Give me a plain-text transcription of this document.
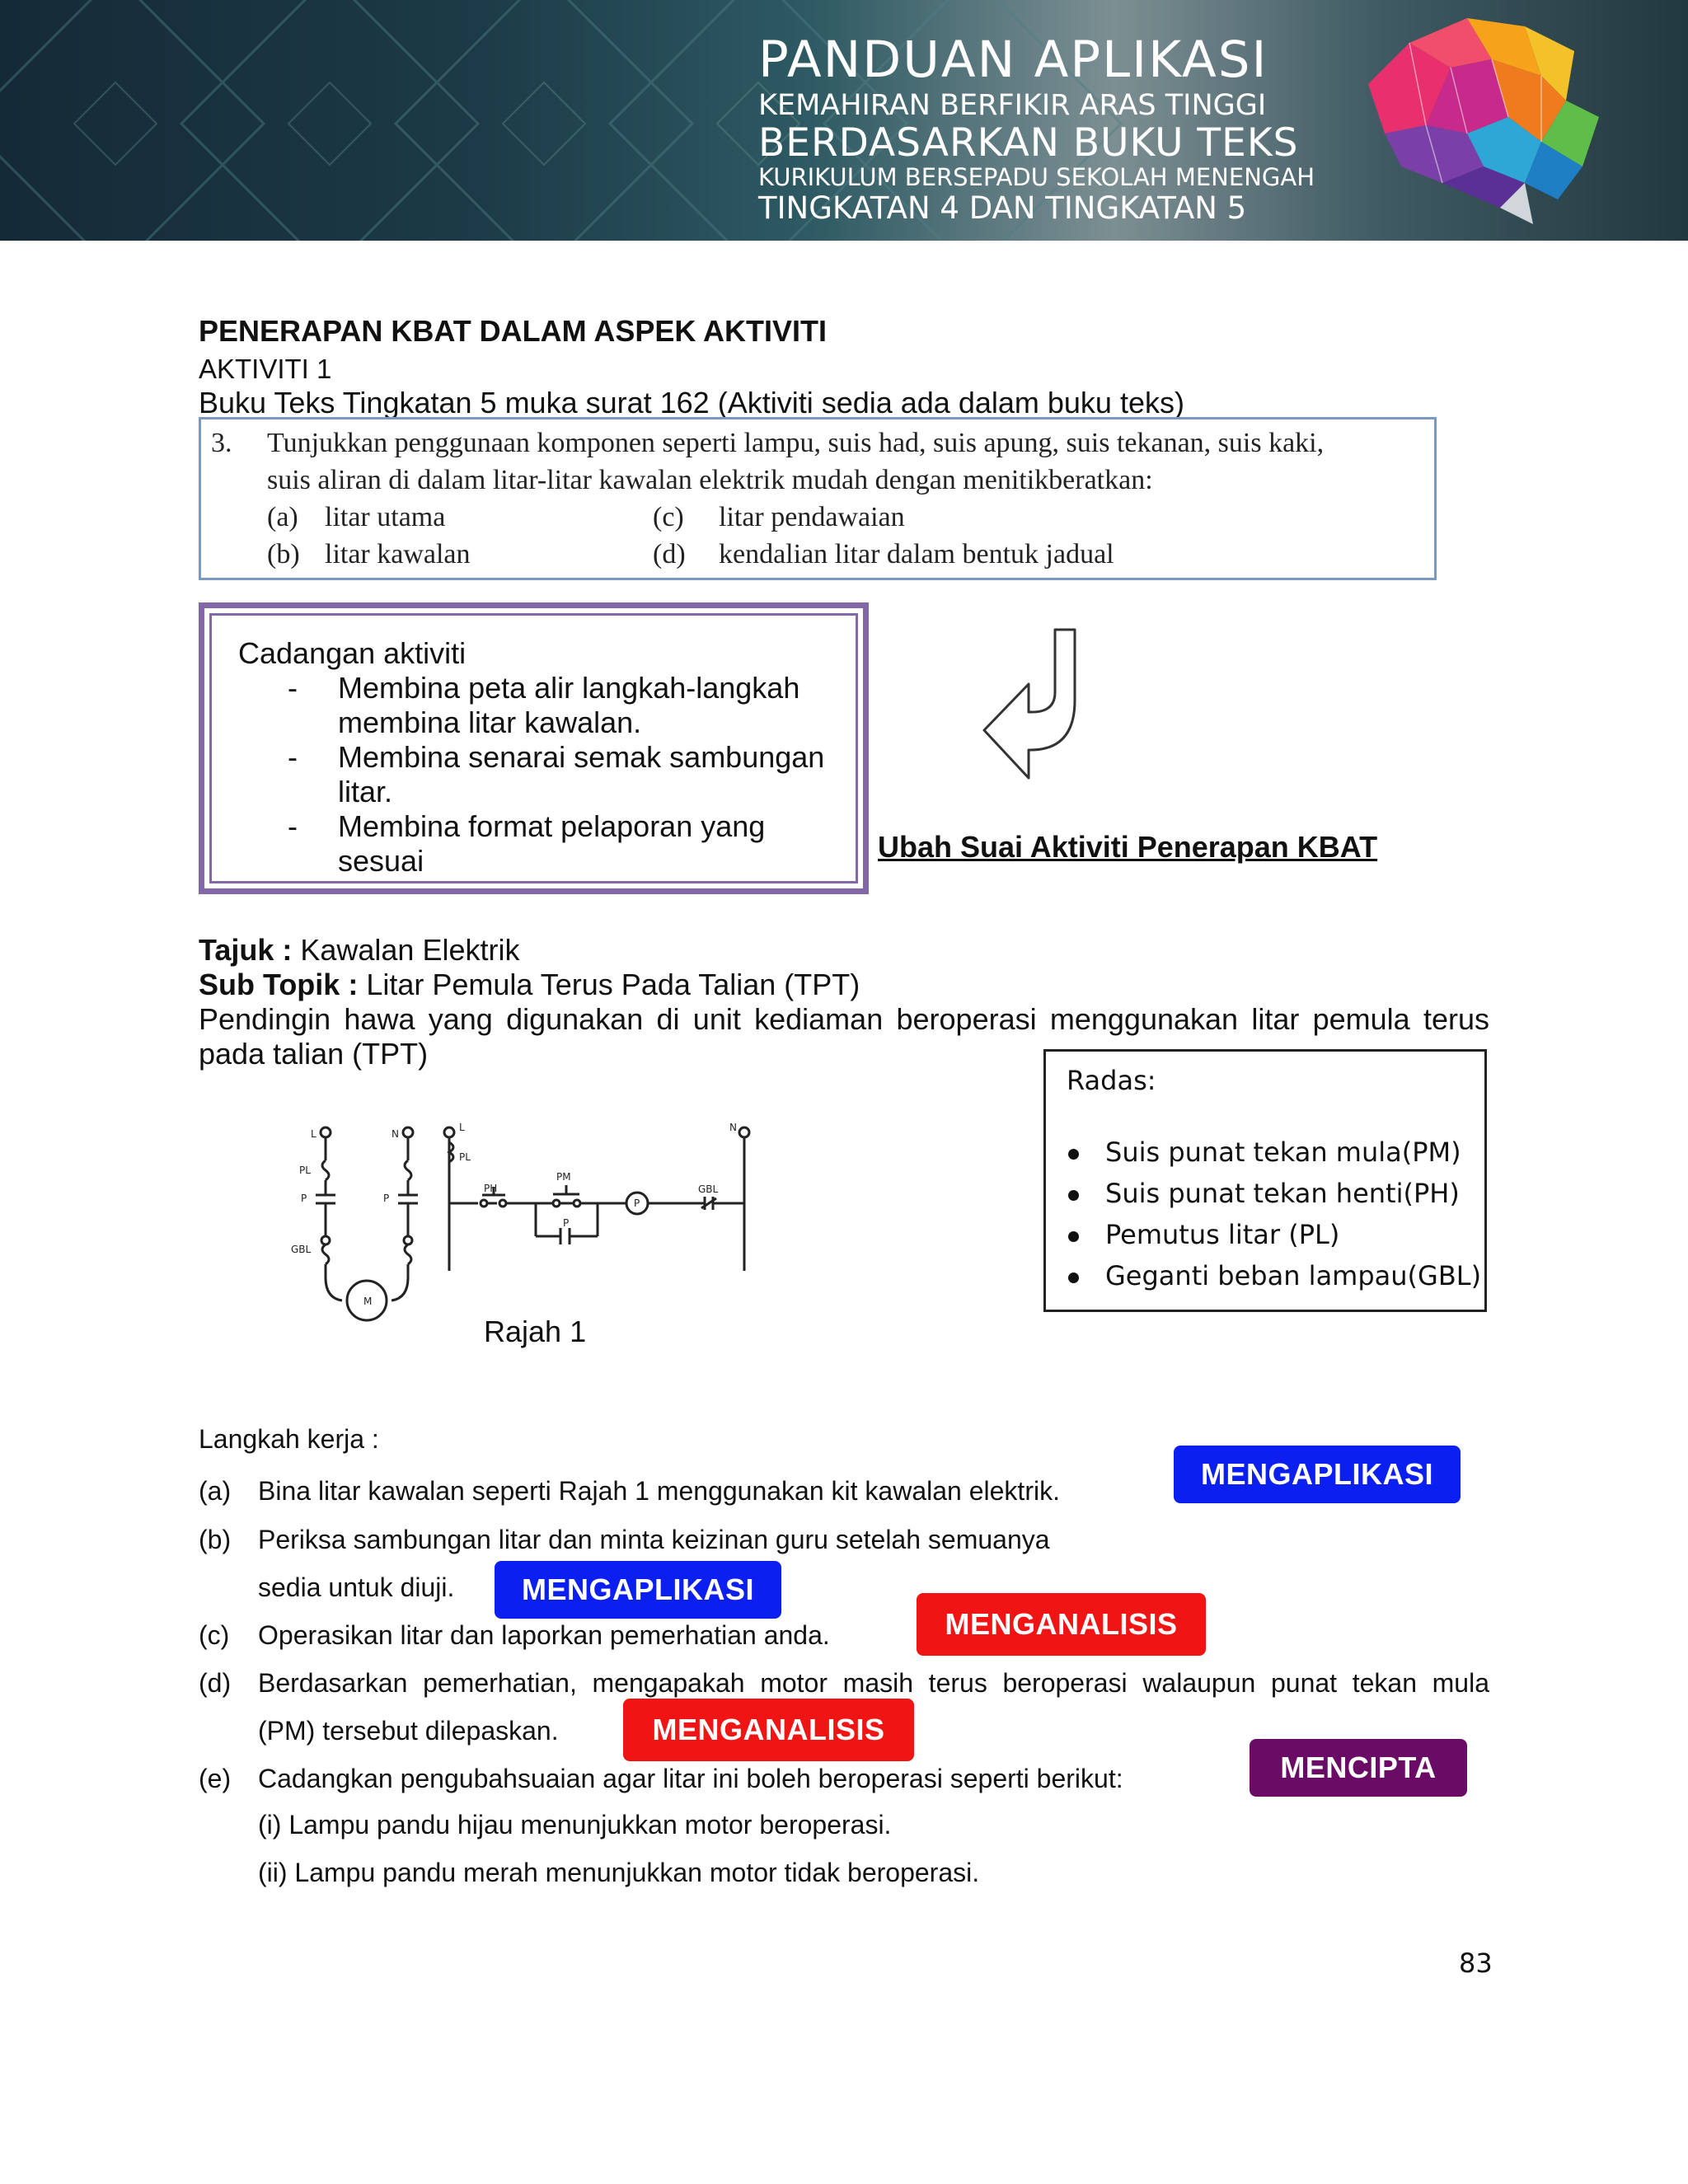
PANDUAN APLIKASI
KEMAHIRAN BERFIKIR ARAS TINGGI
BERDASARKAN BUKU TEKS
KURIKULUM BERSEPADU SEKOLAH MENENGAH
TINGKATAN 4 DAN TINGKATAN 5
PENERAPAN KBAT DALAM ASPEK AKTIVITI
AKTIVITI 1
Buku Teks Tingkatan 5 muka surat 162 (Aktiviti sedia ada dalam buku teks)
3. Tunjukkan penggunaan komponen seperti lampu, suis had, suis apung, suis tekanan, suis kaki,
suis aliran di dalam litar-litar kawalan elektrik mudah dengan menitikberatkan:
(a) litar utama
(b) litar kawalan
(c) litar pendawaian
(d) kendalian litar dalam bentuk jadual
Cadangan aktiviti
- Membina peta alir langkah-langkah
membina litar kawalan.
- Membina senarai semak sambungan
litar.
- Membina format pelaporan yang
sesuai	Ubah Suai Aktiviti Penerapan KBAT
Tajuk : Kawalan Elektrik
Sub Topik : Litar Pemula Terus Pada Talian (TPT)
Pendingin hawa yang digunakan di unit kediaman beroperasi menggunakan litar pemula terus
pada talian (TPT)
L	N
PL
P	P
GBL
M
L
PL
PH
PM
P
P
GBL
N
Rajah 1
Radas:
Suis punat tekan mula(PM)
Suis punat tekan henti(PH)
Pemutus litar (PL)
Geganti beban lampau(GBL)
Langkah kerja :
(a) Bina litar kawalan seperti Rajah 1 menggunakan kit kawalan elektrik.
(b) Periksa sambungan litar dan minta keizinan guru setelah semuanya
sedia untuk diuji.
(c) Operasikan litar dan laporkan pemerhatian anda.
(d) Berdasarkan pemerhatian, mengapakah motor masih terus beroperasi walaupun punat tekan mula
(PM) tersebut dilepaskan.
(e) Cadangkan pengubahsuaian agar litar ini boleh beroperasi seperti berikut:
(i) Lampu pandu hijau menunjukkan motor beroperasi.
(ii) Lampu pandu merah menunjukkan motor tidak beroperasi.
MENGAPLIKASI
MENGAPLIKASI
MENGANALISIS
MENGANALISIS
MENCIPTA
83
